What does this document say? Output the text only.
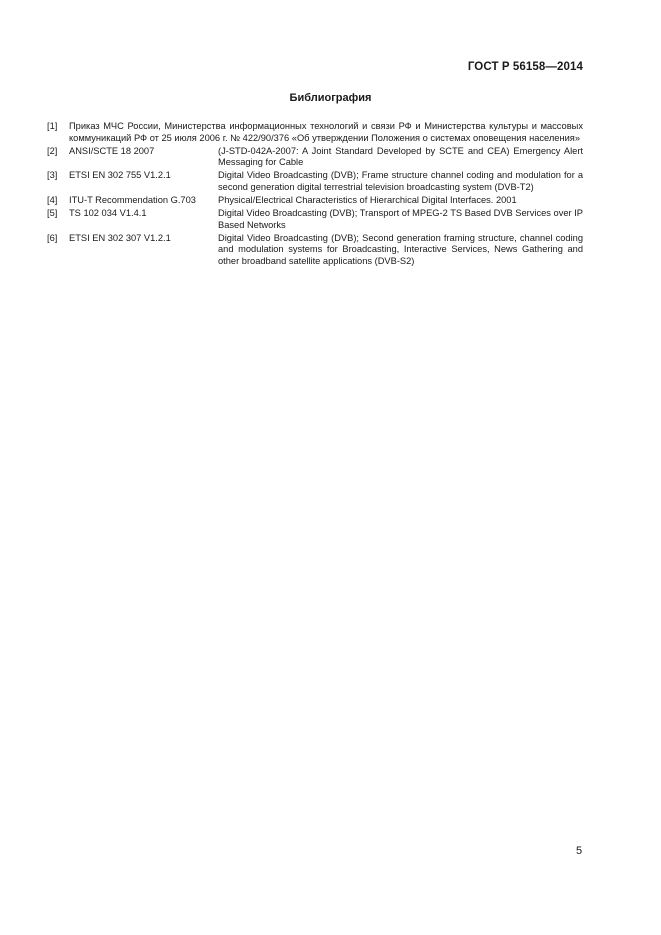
ГОСТ Р 56158—2014
Библиография
[1]	Приказ МЧС России, Министерства информационных технологий и связи РФ и Министерства культуры и массовых коммуникаций РФ от 25 июля 2006 г. № 422/90/376 «Об утверждении Положения о системах оповещения населения»
[2]	ANSI/SCTE 18 2007	(J-STD-042A-2007: A Joint Standard Developed by SCTE and CEA) Emergency Alert Messaging for Cable
[3]	ETSI EN 302 755 V1.2.1	Digital Video Broadcasting (DVB); Frame structure channel coding and modulation for a second generation digital terrestrial television broadcasting system (DVB-T2)
[4]	ITU-T Recommendation G.703	Physical/Electrical Characteristics of Hierarchical Digital Interfaces. 2001
[5]	TS 102 034 V1.4.1	Digital Video Broadcasting (DVB); Transport of MPEG-2 TS Based DVB Services over IP Based Networks
[6]	ETSI EN 302 307 V1.2.1	Digital Video Broadcasting (DVB); Second generation framing structure, channel coding and modulation systems for Broadcasting, Interactive Services, News Gathering and other broadband satellite applications (DVB-S2)
5
